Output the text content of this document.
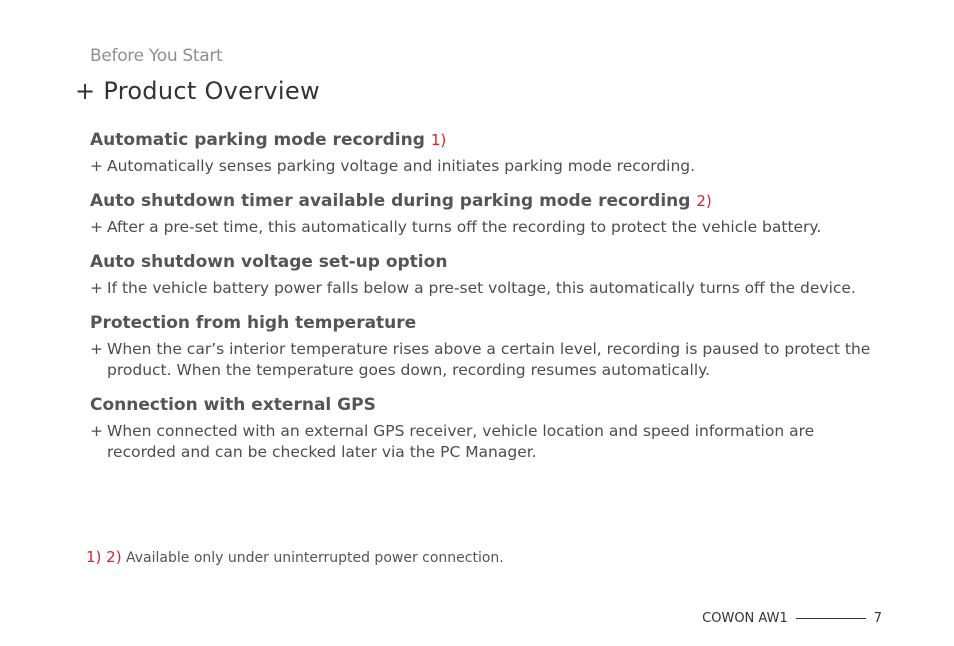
Before You Start
+ Product Overview
Automatic parking mode recording 1)
+ Automatically senses parking voltage and initiates parking mode recording.
Auto shutdown timer available during parking mode recording 2)
+ After a pre-set time, this automatically turns off the recording to protect the vehicle battery.
Auto shutdown voltage set-up option
+ If the vehicle battery power falls below a pre-set voltage, this automatically turns off the device.
Protection from high temperature
+ When the car’s interior temperature rises above a certain level, recording is paused to protect the product. When the temperature goes down, recording resumes automatically.
Connection with external GPS
+ When connected with an external GPS receiver, vehicle location and speed information are recorded and can be checked later via the PC Manager.
1) 2) Available only under uninterrupted power connection.
COWON AW1	7
